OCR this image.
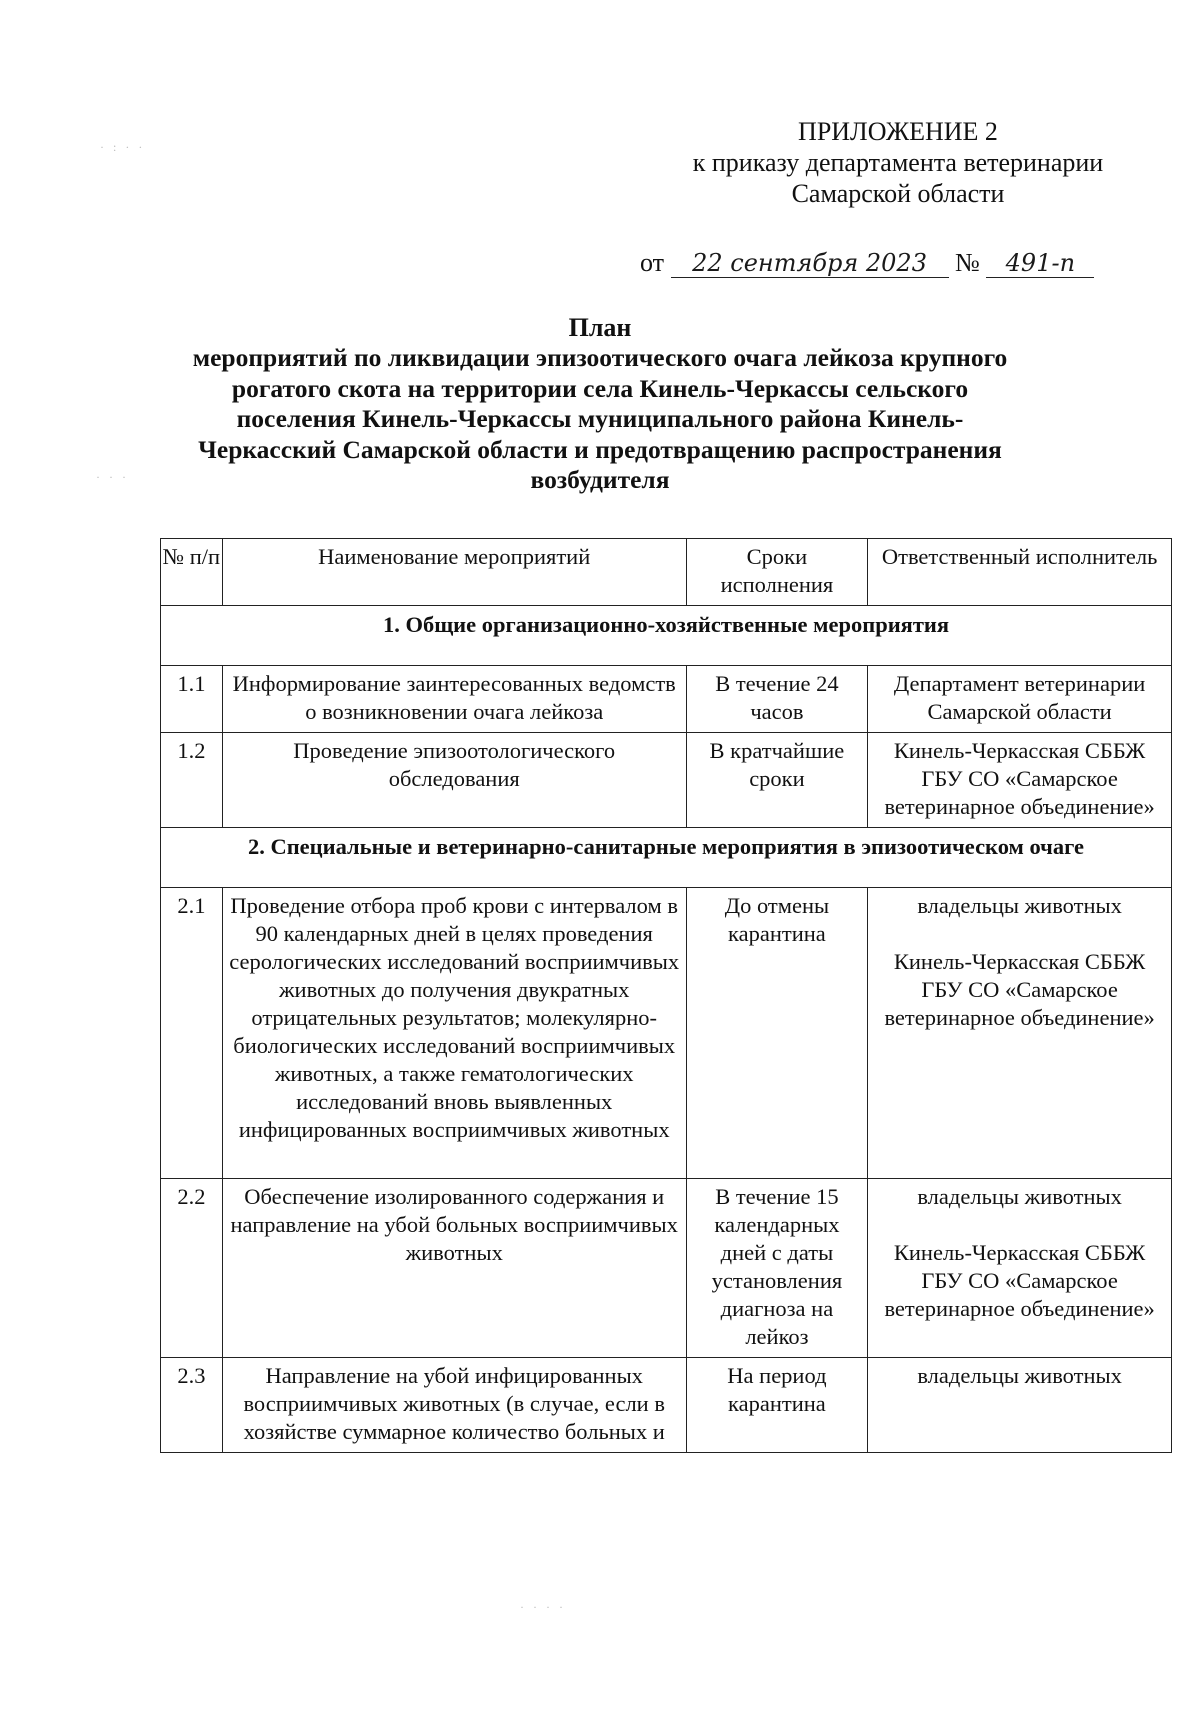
ПРИЛОЖЕНИЕ 2
к приказу департамента ветеринарии
Самарской области
от 22 сентября 2023 № 491-п
План
мероприятий по ликвидации эпизоотического очага лейкоза крупного рогатого скота на территории села Кинель-Черкассы сельского поселения Кинель-Черкассы муниципального района Кинель-Черкасский Самарской области и предотвращению распространения возбудителя
№ п/п	Наименование мероприятий	Сроки исполнения	Ответственный исполнитель
1. Общие организационно-хозяйственные мероприятия			
1.1	Информирование заинтересованных ведомств о возникновении очага лейкоза	В течение 24 часов	Департамент ветеринарии Самарской области
1.2	Проведение эпизоотологического обследования	В кратчайшие сроки	Кинель-Черкасская СББЖ ГБУ СО «Самарское ветеринарное объединение»
2. Специальные и ветеринарно-санитарные мероприятия в эпизоотическом очаге			
2.1	Проведение отбора проб крови с интервалом в 90 календарных дней в целях проведения серологических исследований восприимчивых животных до получения двукратных отрицательных результатов; молекулярно-биологических исследований восприимчивых животных, а также гематологических исследований вновь выявленных инфицированных восприимчивых животных	До отмены карантина	владельцы животных
Кинель-Черкасская СББЖ ГБУ СО «Самарское ветеринарное объединение»
2.2	Обеспечение изолированного содержания и направление на убой больных восприимчивых животных	В течение 15 календарных дней с даты установления диагноза на лейкоз	владельцы животных
Кинель-Черкасская СББЖ ГБУ СО «Самарское ветеринарное объединение»
2.3	Направление на убой инфицированных восприимчивых животных (в случае, если в хозяйстве суммарное количество больных и	На период карантина	владельцы животных
· : · ·
· · ·
· · · ·
